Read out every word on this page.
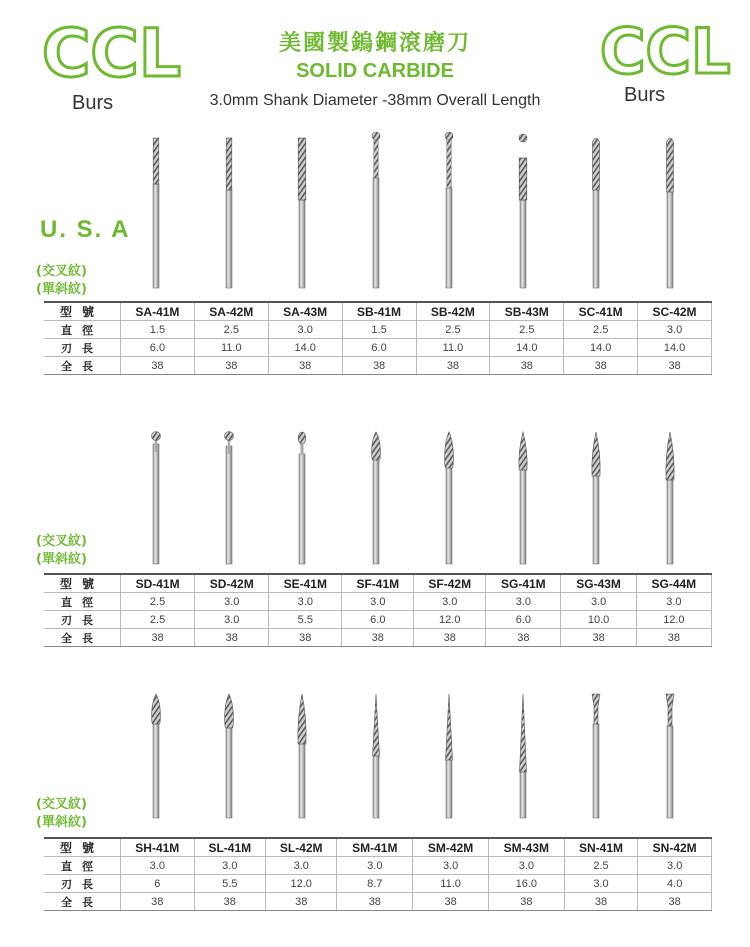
CCL
Burs
CCL
Burs
美國製鎢鋼滾磨刀
SOLID CARBIDE
3.0mm Shank Diameter -38mm Overall Length
U. S. A
(交叉紋)
(單斜紋)
型號	SA-41M	SA-42M	SA-43M	SB-41M	SB-42M	SB-43M	SC-41M	SC-42M
直徑	1.5	2.5	3.0	1.5	2.5	2.5	2.5	3.0
刃長	6.0	11.0	14.0	6.0	11.0	14.0	14.0	14.0
全長	38	38	38	38	38	38	38	38
(交叉紋)
(單斜紋)
型號	SD-41M	SD-42M	SE-41M	SF-41M	SF-42M	SG-41M	SG-43M	SG-44M
直徑	2.5	3.0	3.0	3.0	3.0	3.0	3.0	3.0
刃長	2.5	3.0	5.5	6.0	12.0	6.0	10.0	12.0
全長	38	38	38	38	38	38	38	38
(交叉紋)
(單斜紋)
型號	SH-41M	SL-41M	SL-42M	SM-41M	SM-42M	SM-43M	SN-41M	SN-42M
直徑	3.0	3.0	3.0	3.0	3.0	3.0	2.5	3.0
刃長	6	5.5	12.0	8.7	11.0	16.0	3.0	4.0
全長	38	38	38	38	38	38	38	38
